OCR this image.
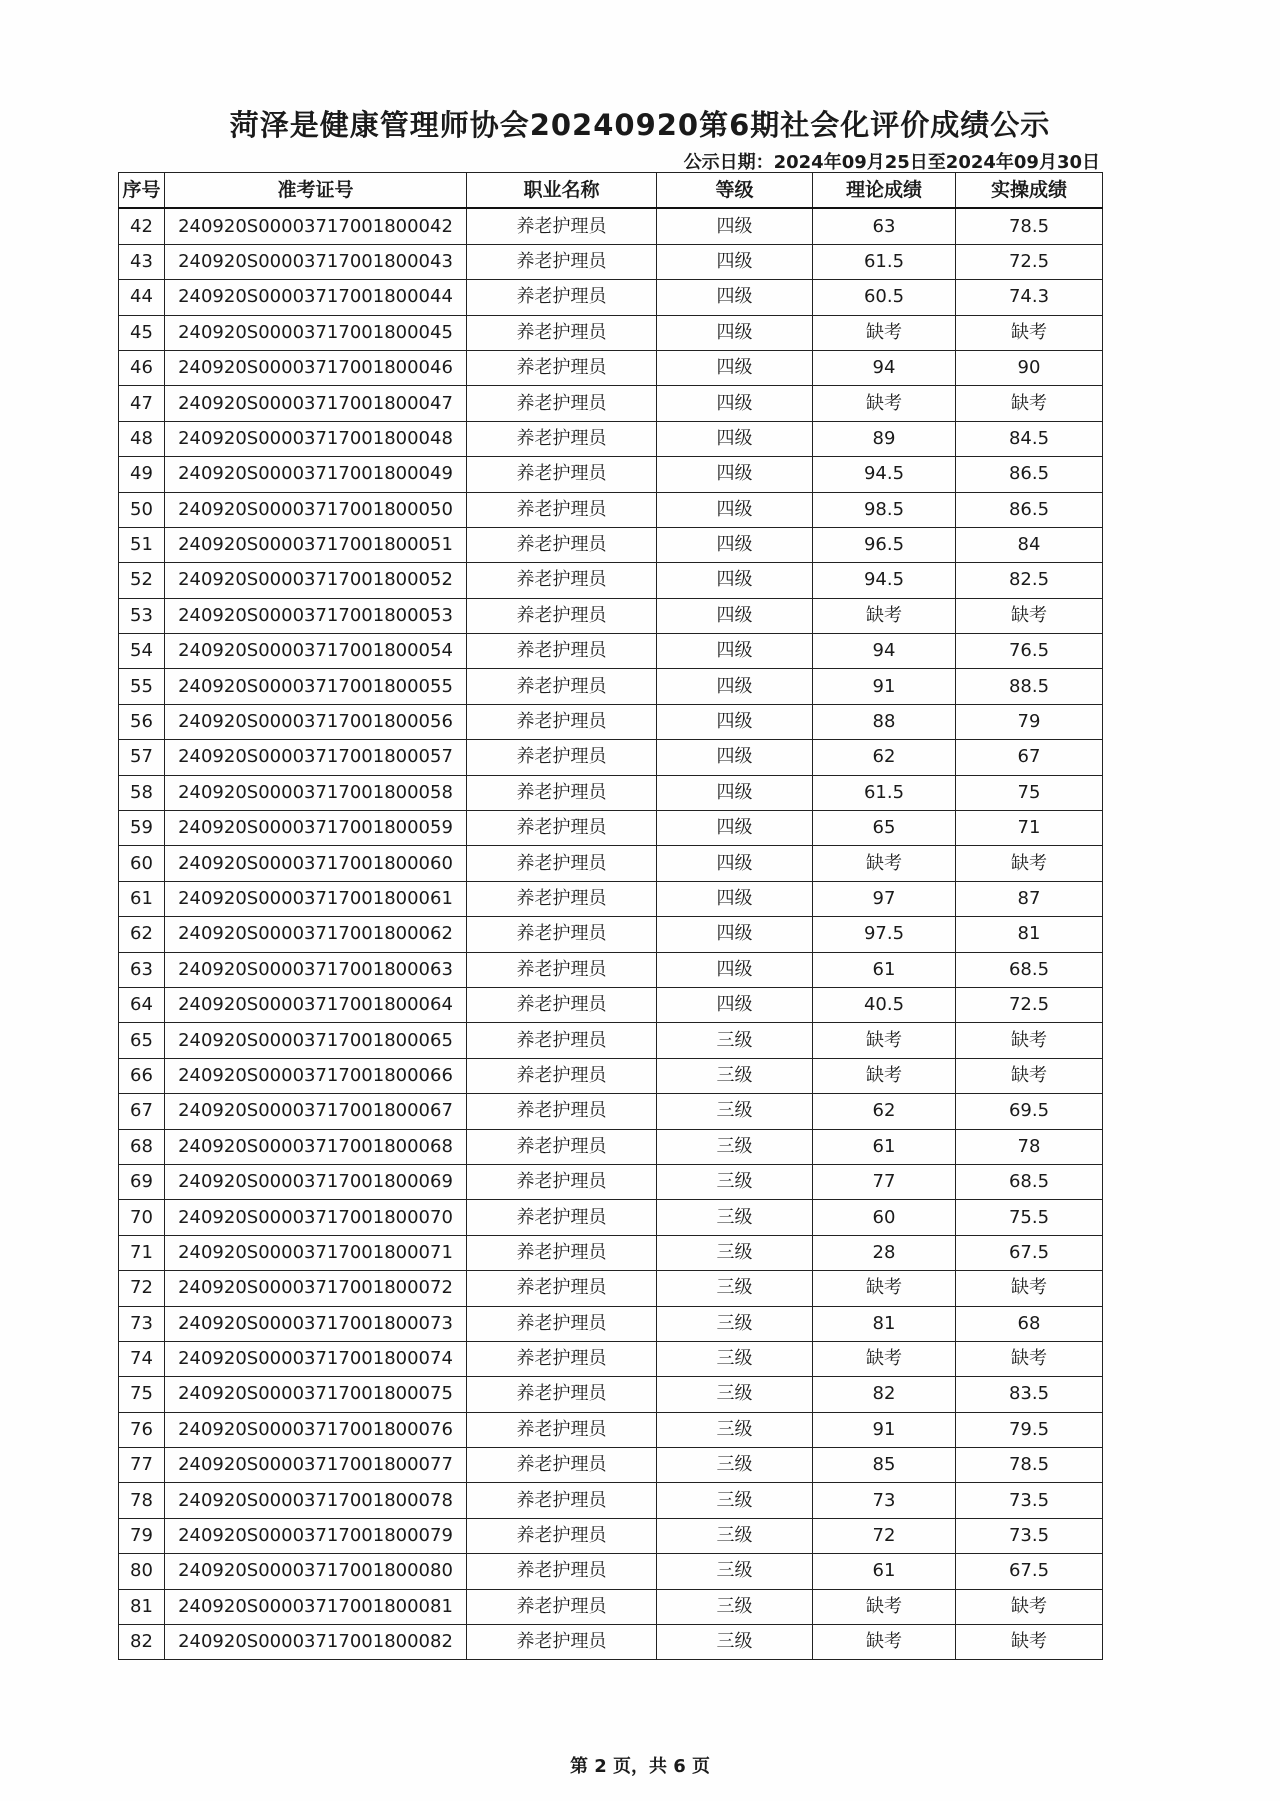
菏泽是健康管理师协会20240920第6期社会化评价成绩公示
公示日期：2024年09月25日至2024年09月30日
序号	准考证号	职业名称	等级	理论成绩	实操成绩
42	240920S00003717001800042	养老护理员	四级	63	78.5
43	240920S00003717001800043	养老护理员	四级	61.5	72.5
44	240920S00003717001800044	养老护理员	四级	60.5	74.3
45	240920S00003717001800045	养老护理员	四级	缺考	缺考
46	240920S00003717001800046	养老护理员	四级	94	90
47	240920S00003717001800047	养老护理员	四级	缺考	缺考
48	240920S00003717001800048	养老护理员	四级	89	84.5
49	240920S00003717001800049	养老护理员	四级	94.5	86.5
50	240920S00003717001800050	养老护理员	四级	98.5	86.5
51	240920S00003717001800051	养老护理员	四级	96.5	84
52	240920S00003717001800052	养老护理员	四级	94.5	82.5
53	240920S00003717001800053	养老护理员	四级	缺考	缺考
54	240920S00003717001800054	养老护理员	四级	94	76.5
55	240920S00003717001800055	养老护理员	四级	91	88.5
56	240920S00003717001800056	养老护理员	四级	88	79
57	240920S00003717001800057	养老护理员	四级	62	67
58	240920S00003717001800058	养老护理员	四级	61.5	75
59	240920S00003717001800059	养老护理员	四级	65	71
60	240920S00003717001800060	养老护理员	四级	缺考	缺考
61	240920S00003717001800061	养老护理员	四级	97	87
62	240920S00003717001800062	养老护理员	四级	97.5	81
63	240920S00003717001800063	养老护理员	四级	61	68.5
64	240920S00003717001800064	养老护理员	四级	40.5	72.5
65	240920S00003717001800065	养老护理员	三级	缺考	缺考
66	240920S00003717001800066	养老护理员	三级	缺考	缺考
67	240920S00003717001800067	养老护理员	三级	62	69.5
68	240920S00003717001800068	养老护理员	三级	61	78
69	240920S00003717001800069	养老护理员	三级	77	68.5
70	240920S00003717001800070	养老护理员	三级	60	75.5
71	240920S00003717001800071	养老护理员	三级	28	67.5
72	240920S00003717001800072	养老护理员	三级	缺考	缺考
73	240920S00003717001800073	养老护理员	三级	81	68
74	240920S00003717001800074	养老护理员	三级	缺考	缺考
75	240920S00003717001800075	养老护理员	三级	82	83.5
76	240920S00003717001800076	养老护理员	三级	91	79.5
77	240920S00003717001800077	养老护理员	三级	85	78.5
78	240920S00003717001800078	养老护理员	三级	73	73.5
79	240920S00003717001800079	养老护理员	三级	72	73.5
80	240920S00003717001800080	养老护理员	三级	61	67.5
81	240920S00003717001800081	养老护理员	三级	缺考	缺考
82	240920S00003717001800082	养老护理员	三级	缺考	缺考
第 2 页，共 6 页
